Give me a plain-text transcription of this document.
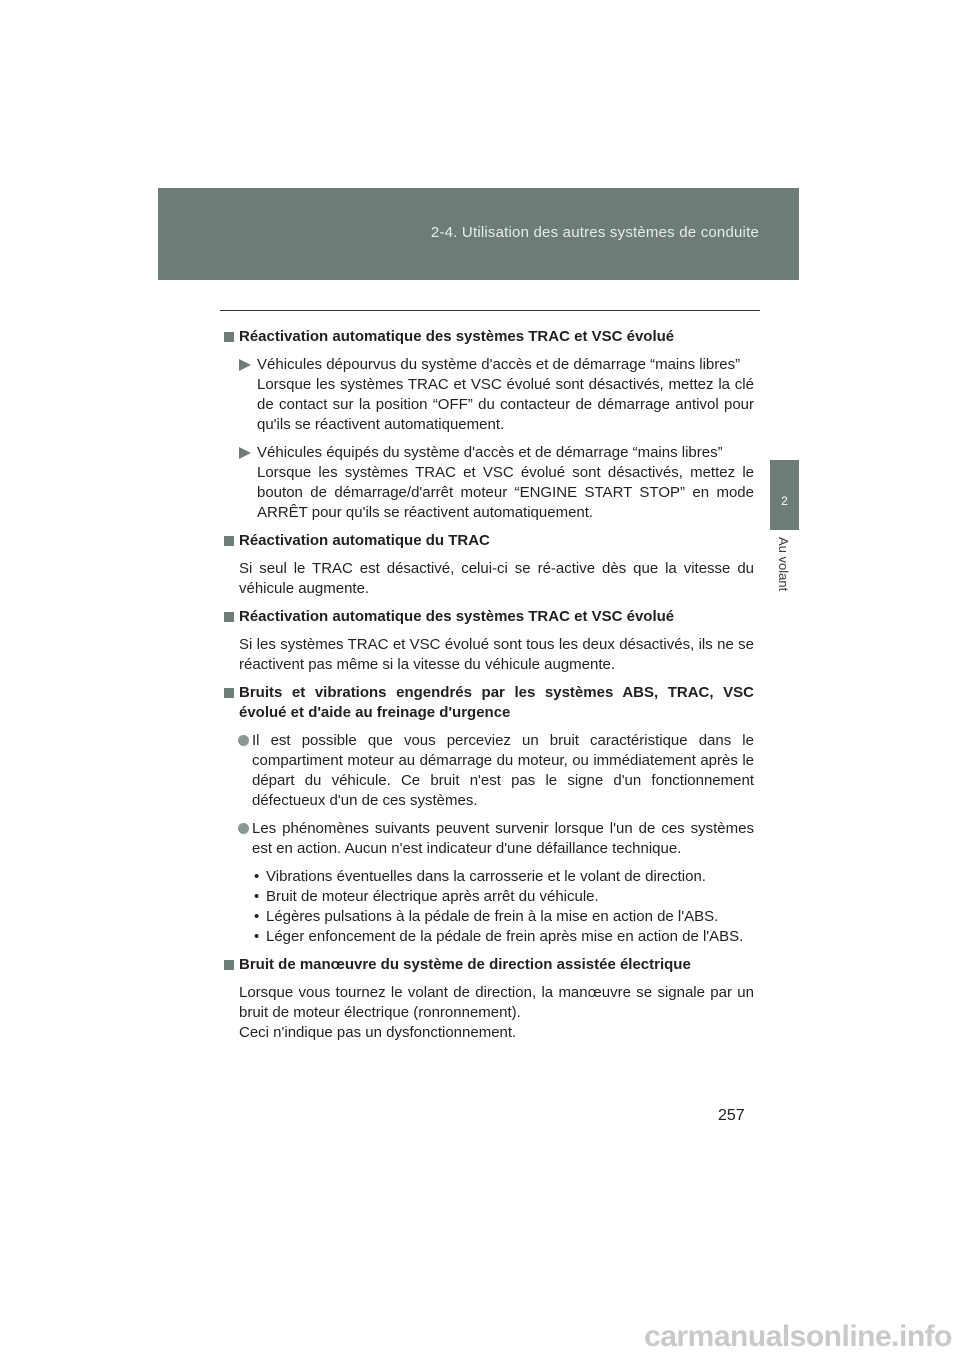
2-4. Utilisation des autres systèmes de conduite
2
Au volant
Réactivation automatique des systèmes TRAC et VSC évolué
Véhicules dépourvus du système d'accès et de démarrage “mains libres”
Lorsque les systèmes TRAC et VSC évolué sont désactivés, mettez la clé de contact sur la position “OFF” du contacteur de démarrage antivol pour qu'ils se réactivent automatiquement.
Véhicules équipés du système d'accès et de démarrage “mains libres”
Lorsque les systèmes TRAC et VSC évolué sont désactivés, mettez le bouton de démarrage/d'arrêt moteur “ENGINE START STOP” en mode ARRÊT pour qu'ils se réactivent automatiquement.
Réactivation automatique du TRAC
Si seul le TRAC est désactivé, celui-ci se ré-active dès que la vitesse du véhicule augmente.
Réactivation automatique des systèmes TRAC et VSC évolué
Si les systèmes TRAC et VSC évolué sont tous les deux désactivés, ils ne se réactivent pas même si la vitesse du véhicule augmente.
Bruits et vibrations engendrés par les systèmes ABS, TRAC, VSC évolué et d'aide au freinage d'urgence
Il est possible que vous perceviez un bruit caractéristique dans le compartiment moteur au démarrage du moteur, ou immédiatement après le départ du véhicule. Ce bruit n'est pas le signe d'un fonctionnement défectueux d'un de ces systèmes.
Les phénomènes suivants peuvent survenir lorsque l'un de ces systèmes est en action. Aucun n'est indicateur d'une défaillance technique.
• Vibrations éventuelles dans la carrosserie et le volant de direction.
• Bruit de moteur électrique après arrêt du véhicule.
• Légères pulsations à la pédale de frein à la mise en action de l'ABS.
• Léger enfoncement de la pédale de frein après mise en action de l'ABS.
Bruit de manœuvre du système de direction assistée électrique
Lorsque vous tournez le volant de direction, la manœuvre se signale par un bruit de moteur électrique (ronronnement).
Ceci n'indique pas un dysfonctionnement.
257
carmanualsonline.info
